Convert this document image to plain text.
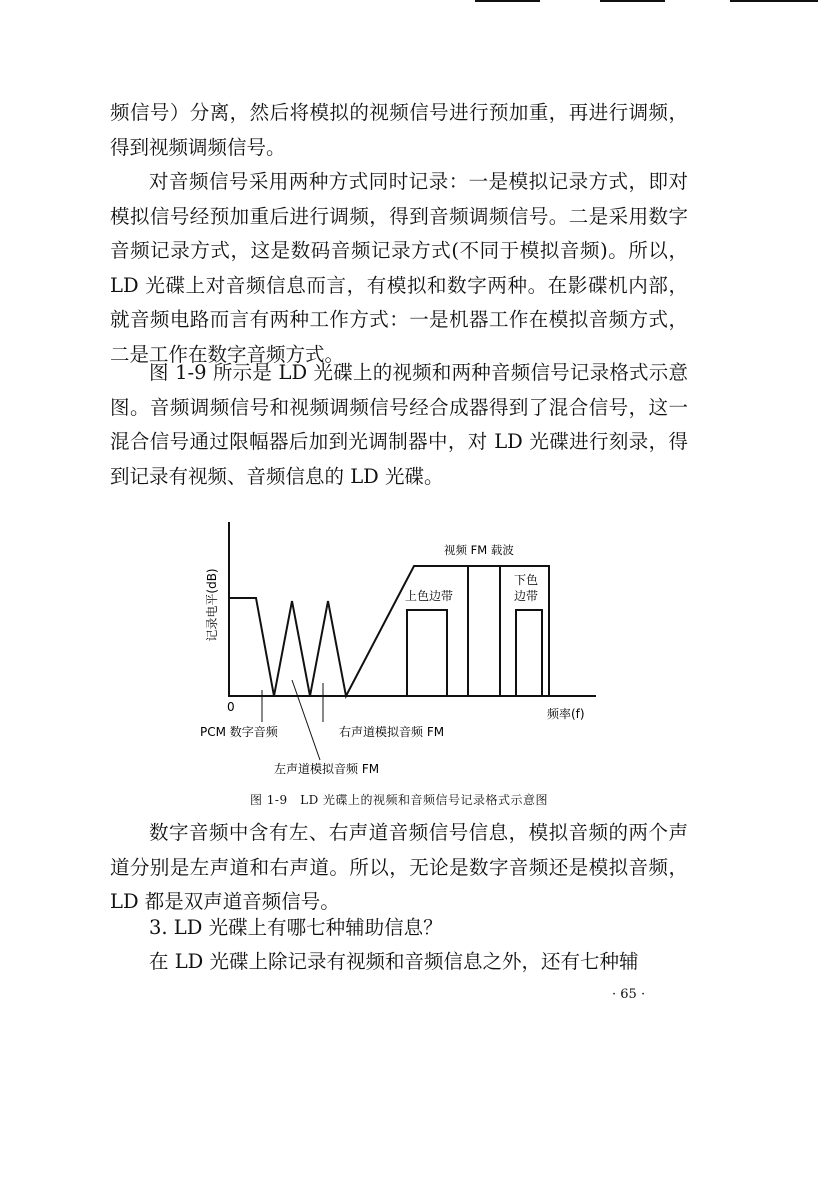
频信号）分离，然后将模拟的视频信号进行预加重，再进行调频，得到视频调频信号。

对音频信号采用两种方式同时记录：一是模拟记录方式，即对模拟信号经预加重后进行调频，得到音频调频信号。二是采用数字音频记录方式，这是数码音频记录方式(不同于模拟音频)。所以，LD 光碟上对音频信息而言，有模拟和数字两种。在影碟机内部，就音频电路而言有两种工作方式：一是机器工作在模拟音频方式，二是工作在数字音频方式。

图 1-9 所示是 LD 光碟上的视频和两种音频信号记录格式示意图。音频调频信号和视频调频信号经合成器得到了混合信号，这一混合信号通过限幅器后加到光调制器中，对 LD 光碟进行刻录，得到记录有视频、音频信息的 LD 光碟。

记录电平(dB)
0	频率(f)
视频 FM 载波
上色边带
下色
边带
PCM 数字音频	右声道模拟音频 FM
左声道模拟音频 FM
图 1-9　LD 光碟上的视频和音频信号记录格式示意图

数字音频中含有左、右声道音频信号信息，模拟音频的两个声道分别是左声道和右声道。所以，无论是数字音频还是模拟音频，LD 都是双声道音频信号。

3. LD 光碟上有哪七种辅助信息？

在 LD 光碟上除记录有视频和音频信息之外，还有七种辅

· 65 ·
